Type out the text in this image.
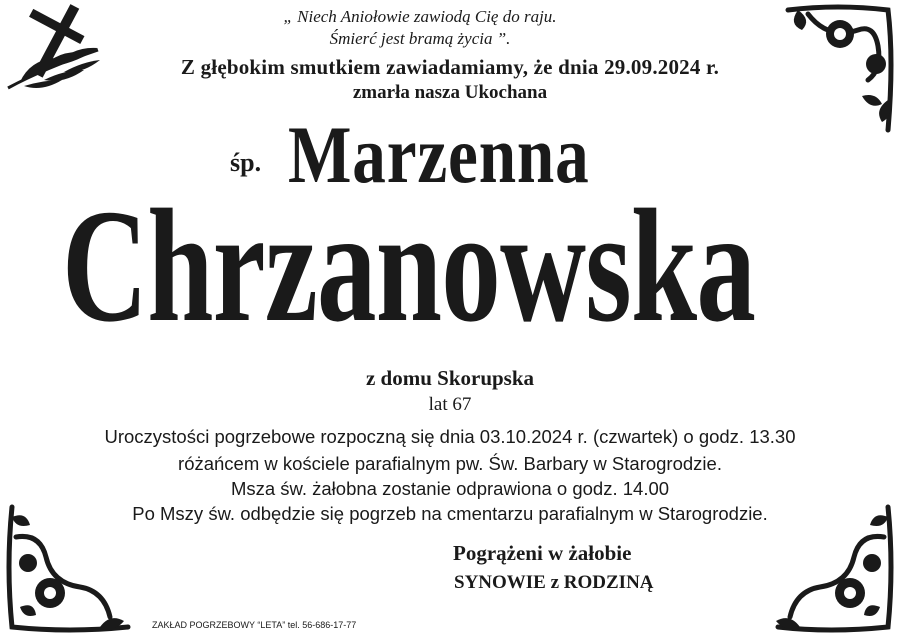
„ Niech Aniołowie zawiodą Cię do raju.
Śmierć jest bramą życia ”.
Z głębokim smutkiem zawiadamiamy, że dnia 29.09.2024 r.
zmarła nasza Ukochana
śp. Marzenna
Chrzanowska
z domu Skorupska
lat 67
Uroczystości pogrzebowe rozpoczną się dnia 03.10.2024 r. (czwartek) o godz. 13.30
różańcem w kościele parafialnym pw. Św. Barbary w Starogrodzie.
Msza św. żałobna zostanie odprawiona o godz. 14.00
Po Mszy św. odbędzie się pogrzeb na cmentarzu parafialnym w Starogrodzie.
Pogrążeni w żałobie
SYNOWIE z RODZINĄ
ZAKŁAD POGRZEBOWY “LETA” tel. 56-686-17-77
